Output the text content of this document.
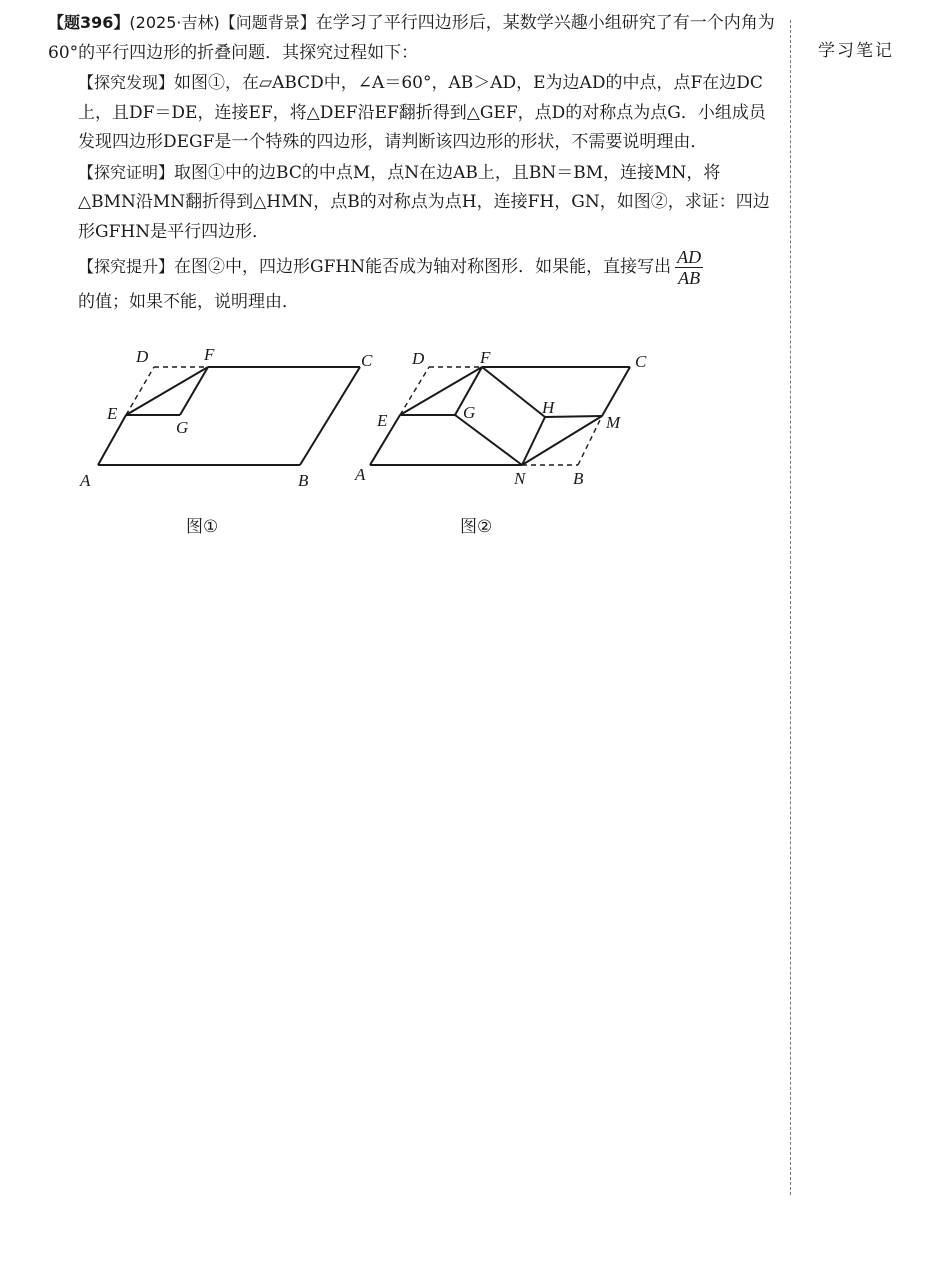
【题396】(2025·吉林)【问题背景】在学习了平行四边形后，某数学兴趣小组研究了有一个内角为60°的平行四边形的折叠问题．其探究过程如下：

【探究发现】如图①，在▱ABCD中，∠A＝60°，AB＞AD，E为边AD的中点，点F在边DC上，且DF＝DE，连接EF，将△DEF沿EF翻折得到△GEF，点D的对称点为点G．小组成员发现四边形DEGF是一个特殊的四边形，请判断该四边形的形状，不需要说明理由．

【探究证明】取图①中的边BC的中点M，点N在边AB上，且BN＝BM，连接MN，将△BMN沿MN翻折得到△HMN，点B的对称点为点H，连接FH，GN，如图②，求证：四边形GFHN是平行四边形．

【探究提升】在图②中，四边形GFHN能否成为轴对称图形．如果能，直接写出 $\frac{AD}{AB}$

的值；如果不能，说明理由．

学习笔记
A	B
C
D
E
F
G
图①
A	N	B
C
D
E
F
G	H
M
图②
